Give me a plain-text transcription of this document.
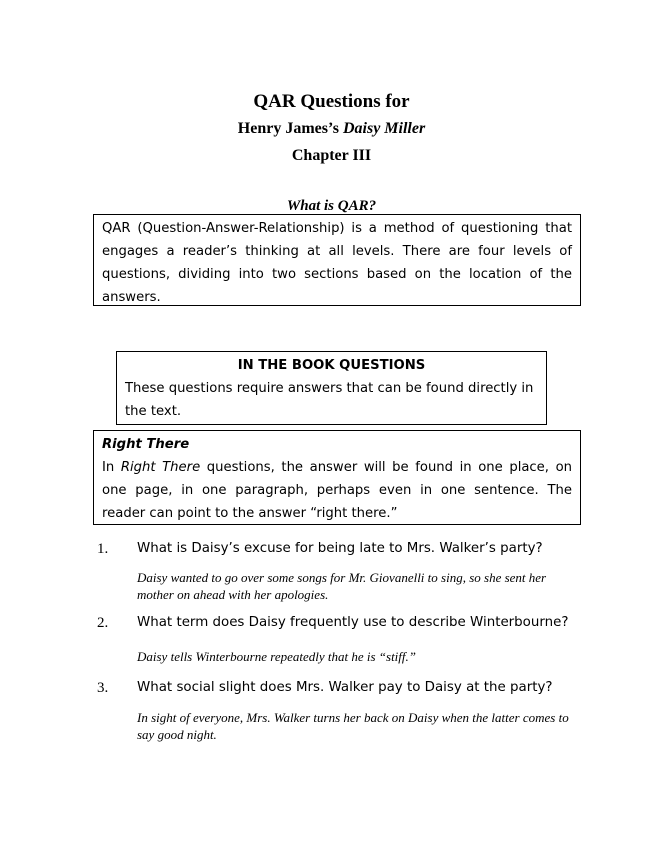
QAR Questions for
Henry James’s Daisy Miller
Chapter III
What is QAR?
QAR (Question-Answer-Relationship) is a method of questioning that engages a reader’s thinking at all levels. There are four levels of questions, dividing into two sections based on the location of the answers.
IN THE BOOK QUESTIONS
These questions require answers that can be found directly in the text.
Right There
In Right There questions, the answer will be found in one place, on one page, in one paragraph, perhaps even in one sentence. The reader can point to the answer “right there.”
1. What is Daisy’s excuse for being late to Mrs. Walker’s party?
Daisy wanted to go over some songs for Mr. Giovanelli to sing, so she sent her mother on ahead with her apologies.
2. What term does Daisy frequently use to describe Winterbourne?
Daisy tells Winterbourne repeatedly that he is “stiff.”
3. What social slight does Mrs. Walker pay to Daisy at the party?
In sight of everyone, Mrs. Walker turns her back on Daisy when the latter comes to say good night.
